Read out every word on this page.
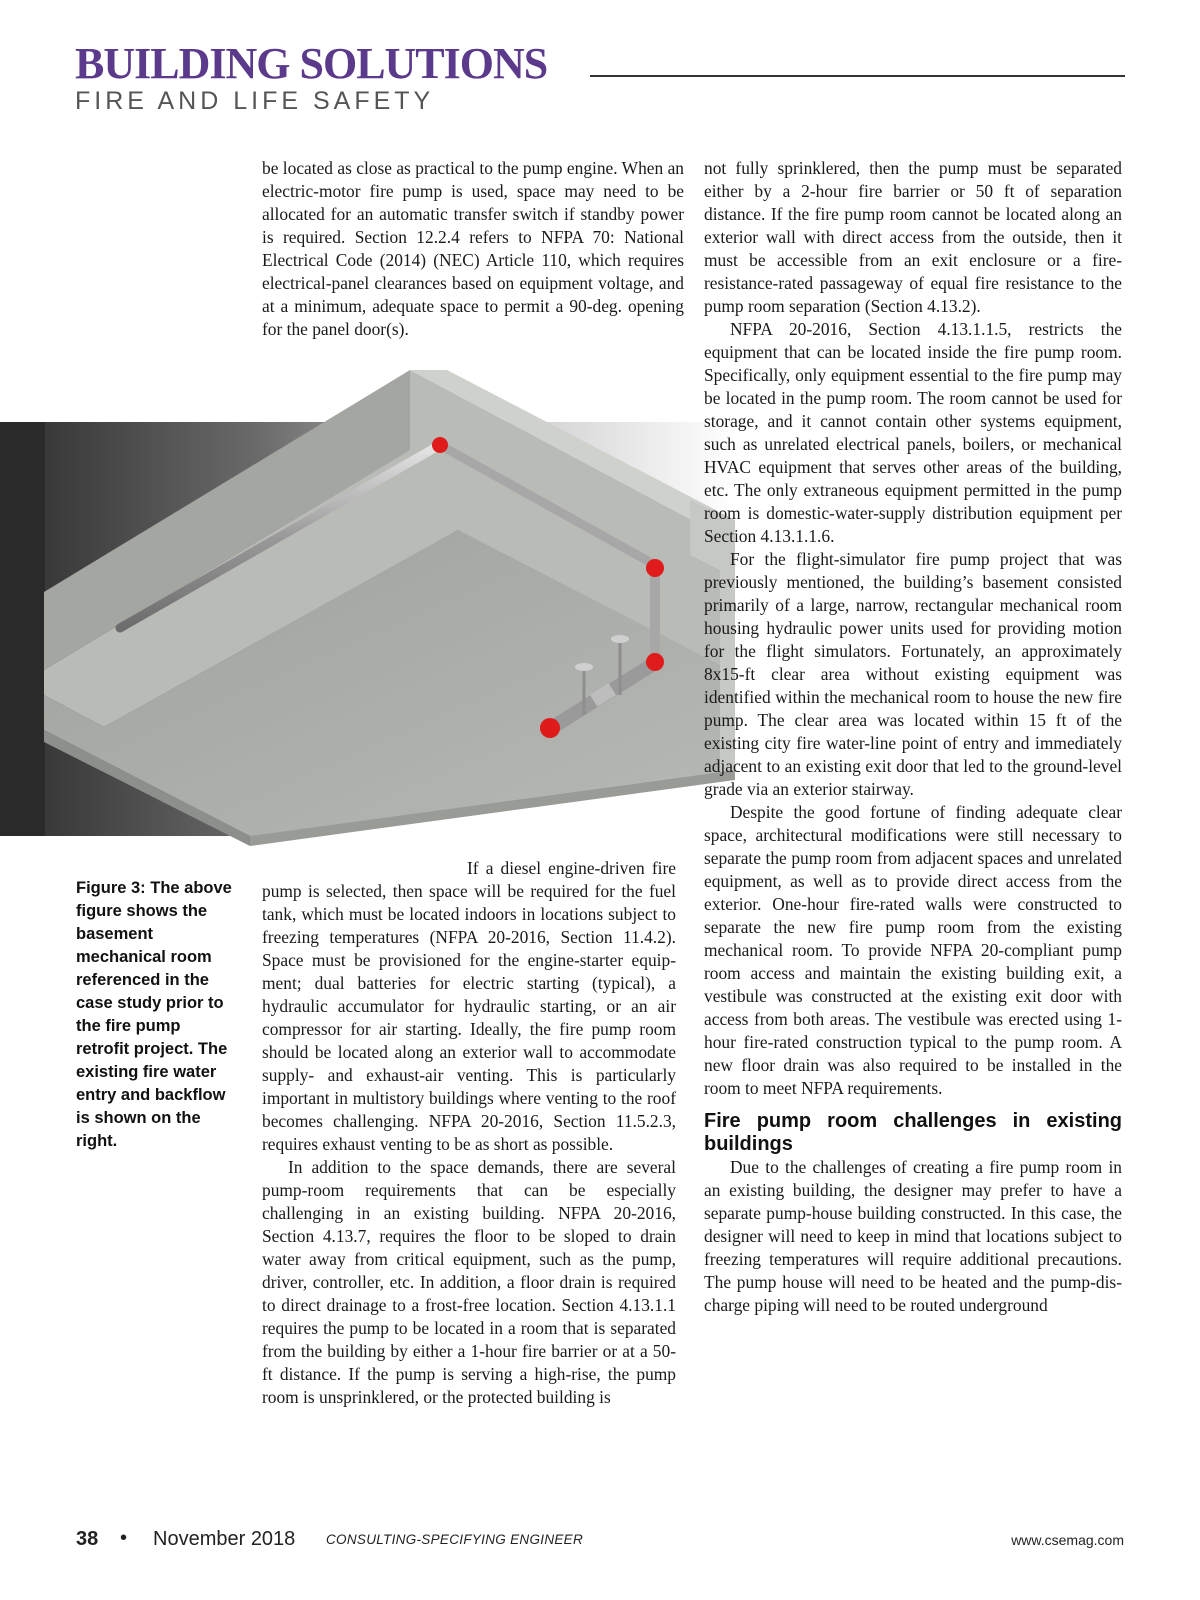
BUILDING SOLUTIONS
FIRE AND LIFE SAFETY

be located as close as practical to the pump engine. When an electric-motor fire pump is used, space may need to be allocated for an automatic transfer switch if standby power is required. Section 12.2.4 refers to NFPA 70: National Electrical Code (2014) (NEC) Article 110, which requires electrical-panel clearances based on equipment voltage, and at a minimum, adequate space to permit a 90-deg. opening for the panel door(s).

Figure 3: The above figure shows the basement mechanical room referenced in the case study prior to the fire pump retrofit project. The existing fire water entry and backflow is shown on the right.

If a diesel engine-driven fire pump is selected, then space will be required for the fuel tank, which must be located indoors in locations subject to freezing temperatures (NFPA 20-2016, Section 11.4.2). Space must be provisioned for the engine-starter equipment; dual batteries for electric starting (typical), a hydraulic accumulator for hydraulic starting, or an air compressor for air starting. Ideally, the fire pump room should be located along an exterior wall to accommodate supply- and exhaust-air venting. This is particularly important in multistory buildings where venting to the roof becomes challenging. NFPA 20-2016, Section 11.5.2.3, requires exhaust venting to be as short as possible.

In addition to the space demands, there are several pump-room requirements that can be especially challenging in an existing building. NFPA 20-2016, Section 4.13.7, requires the floor to be sloped to drain water away from critical equipment, such as the pump, driver, controller, etc. In addition, a floor drain is required to direct drainage to a frost-free location. Section 4.13.1.1 requires the pump to be located in a room that is separated from the building by either a 1-hour fire barrier or at a 50-ft distance. If the pump is serving a high-rise, the pump room is unsprinklered, or the protected building is

not fully sprinklered, then the pump must be separated either by a 2-hour fire barrier or 50 ft of separation distance. If the fire pump room cannot be located along an exterior wall with direct access from the outside, then it must be accessible from an exit enclosure or a fire-resistance-rated passageway of equal fire resistance to the pump room separation (Section 4.13.2).

NFPA 20-2016, Section 4.13.1.1.5, restricts the equipment that can be located inside the fire pump room. Specifically, only equipment essential to the fire pump may be located in the pump room. The room cannot be used for storage, and it cannot contain other systems equipment, such as unrelated electrical panels, boilers, or mechanical HVAC equipment that serves other areas of the building, etc. The only extraneous equipment permitted in the pump room is domestic-water-supply distribution equipment per Section 4.13.1.1.6.

For the flight-simulator fire pump project that was previously mentioned, the building’s basement consisted primarily of a large, narrow, rectangular mechanical room housing hydraulic power units used for providing motion for the flight simulators. Fortunately, an approximately 8x15-ft clear area without existing equipment was identified within the mechanical room to house the new fire pump. The clear area was located within 15 ft of the existing city fire water-line point of entry and immediately adjacent to an existing exit door that led to the ground-level grade via an exterior stairway.

Despite the good fortune of finding adequate clear space, architectural modifications were still necessary to separate the pump room from adjacent spaces and unrelated equipment, as well as to provide direct access from the exterior. One-hour fire-rated walls were constructed to separate the new fire pump room from the existing mechanical room. To provide NFPA 20-compliant pump room access and maintain the existing building exit, a vestibule was constructed at the existing exit door with access from both areas. The vestibule was erected using 1-hour fire-rated construction typical to the pump room. A new floor drain was also required to be installed in the room to meet NFPA requirements.

Fire pump room challenges in existing buildings

Due to the challenges of creating a fire pump room in an existing building, the designer may prefer to have a separate pump-house building constructed. In this case, the designer will need to keep in mind that locations subject to freezing temperatures will require additional precautions. The pump house will need to be heated and the pump-discharge piping will need to be routed underground

38 • November 2018 CONSULTING-SPECIFYING ENGINEER	www.csemag.com
